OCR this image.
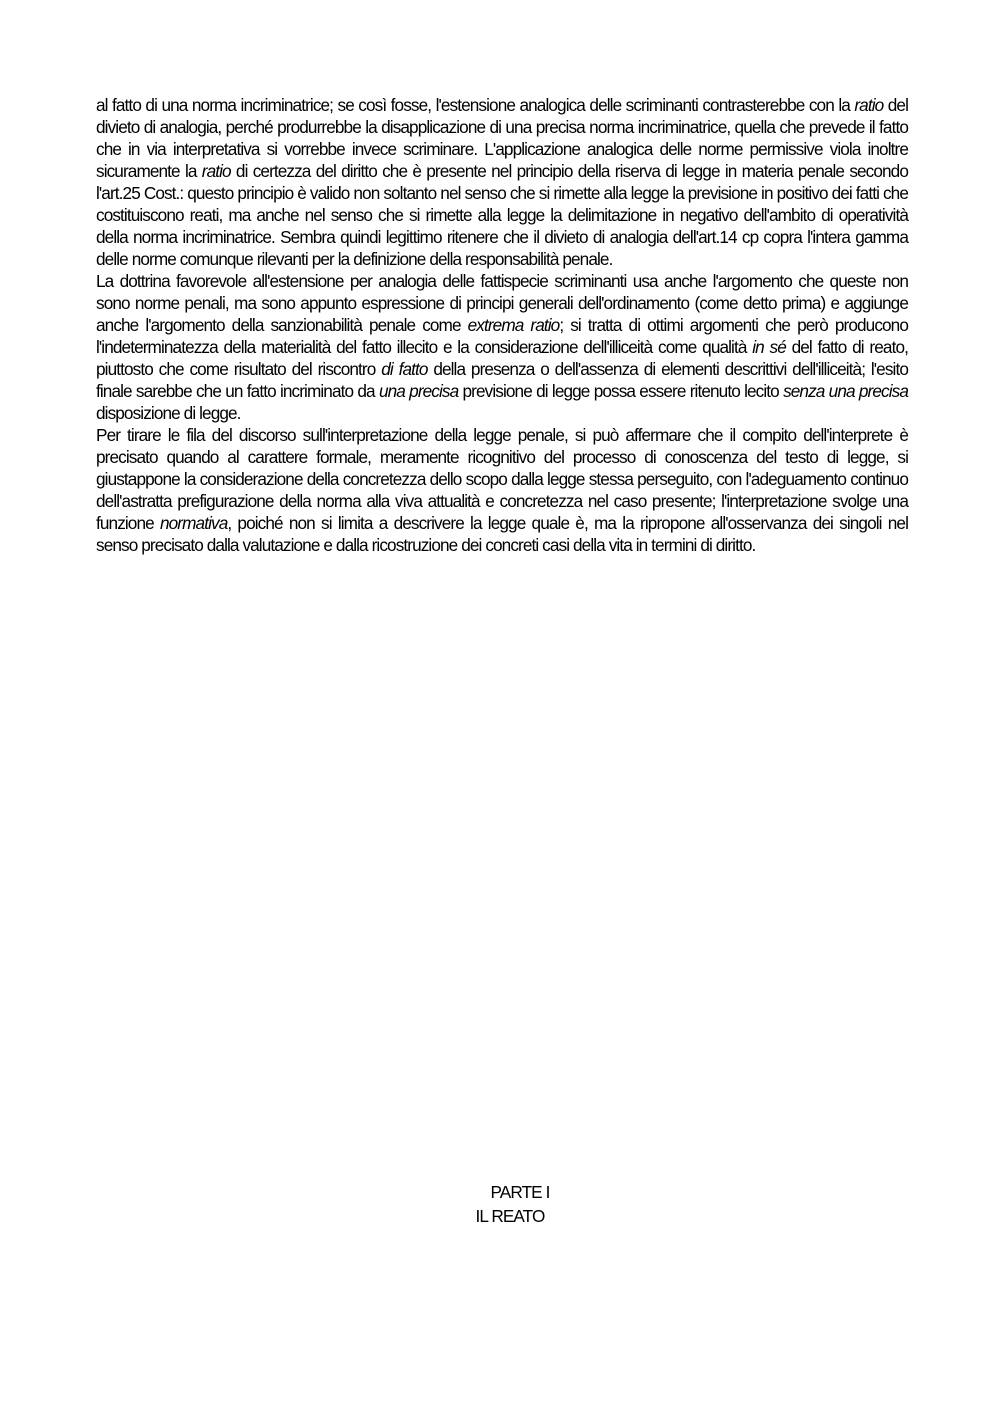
al fatto di una norma incriminatrice; se così fosse, l'estensione analogica delle scriminanti contrasterebbe con la ratio del divieto di analogia, perché produrrebbe la disapplicazione di una precisa norma incriminatrice, quella che prevede il fatto che in via interpretativa si vorrebbe invece scriminare. L'applicazione analogica delle norme permissive viola inoltre sicuramente la ratio di certezza del diritto che è presente nel principio della riserva di legge in materia penale secondo l'art.25 Cost.: questo principio è valido non soltanto nel senso che si rimette alla legge la previsione in positivo dei fatti che costituiscono reati, ma anche nel senso che si rimette alla legge la delimitazione in negativo dell'ambito di operatività della norma incriminatrice. Sembra quindi legittimo ritenere che il divieto di analogia dell'art.14 cp copra l'intera gamma delle norme comunque rilevanti per la definizione della responsabilità penale.

La dottrina favorevole all'estensione per analogia delle fattispecie scriminanti usa anche l'argomento che queste non sono norme penali, ma sono appunto espressione di principi generali dell'ordinamento (come detto prima) e aggiunge anche l'argomento della sanzionabilità penale come extrema ratio; si tratta di ottimi argomenti che però producono l'indeterminatezza della materialità del fatto illecito e la considerazione dell'illiceità come qualità in sé del fatto di reato, piuttosto che come risultato del riscontro di fatto della presenza o dell'assenza di elementi descrittivi dell'illiceità; l'esito finale sarebbe che un fatto incriminato da una precisa previsione di legge possa essere ritenuto lecito senza una precisa disposizione di legge.

Per tirare le fila del discorso sull'interpretazione della legge penale, si può affermare che il compito dell'interprete è precisato quando al carattere formale, meramente ricognitivo del processo di conoscenza del testo di legge, si giustappone la considerazione della concretezza dello scopo dalla legge stessa perseguito, con l'adeguamento continuo dell'astratta prefigurazione della norma alla viva attualità e concretezza nel caso presente; l'interpretazione svolge una funzione normativa, poiché non si limita a descrivere la legge quale è, ma la ripropone all'osservanza dei singoli nel senso precisato dalla valutazione e dalla ricostruzione dei concreti casi della vita in termini di diritto.

PARTE I
IL REATO
